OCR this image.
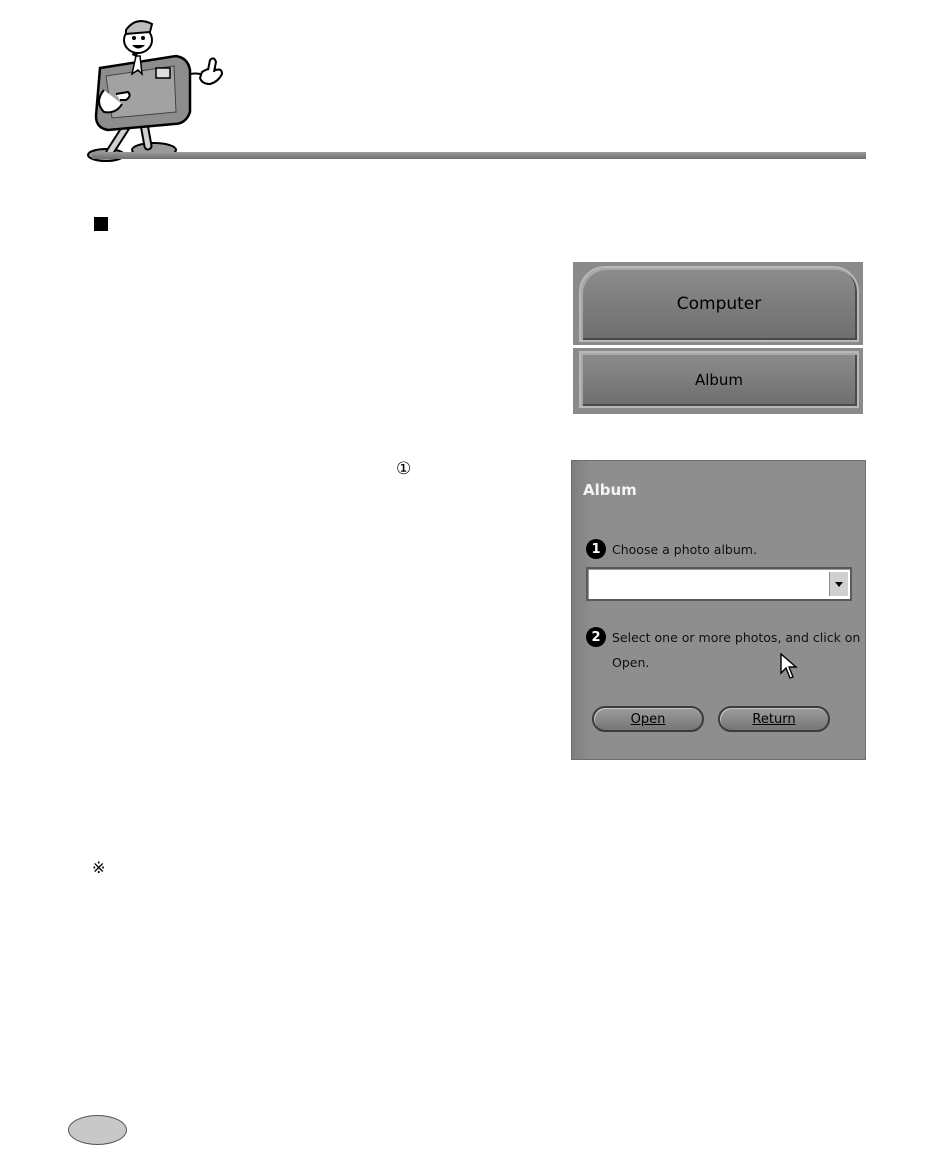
①
※
Computer
Album
Album
1 Choose a photo album.
2 Select one or more photos, and click on Open.
Open	Return
